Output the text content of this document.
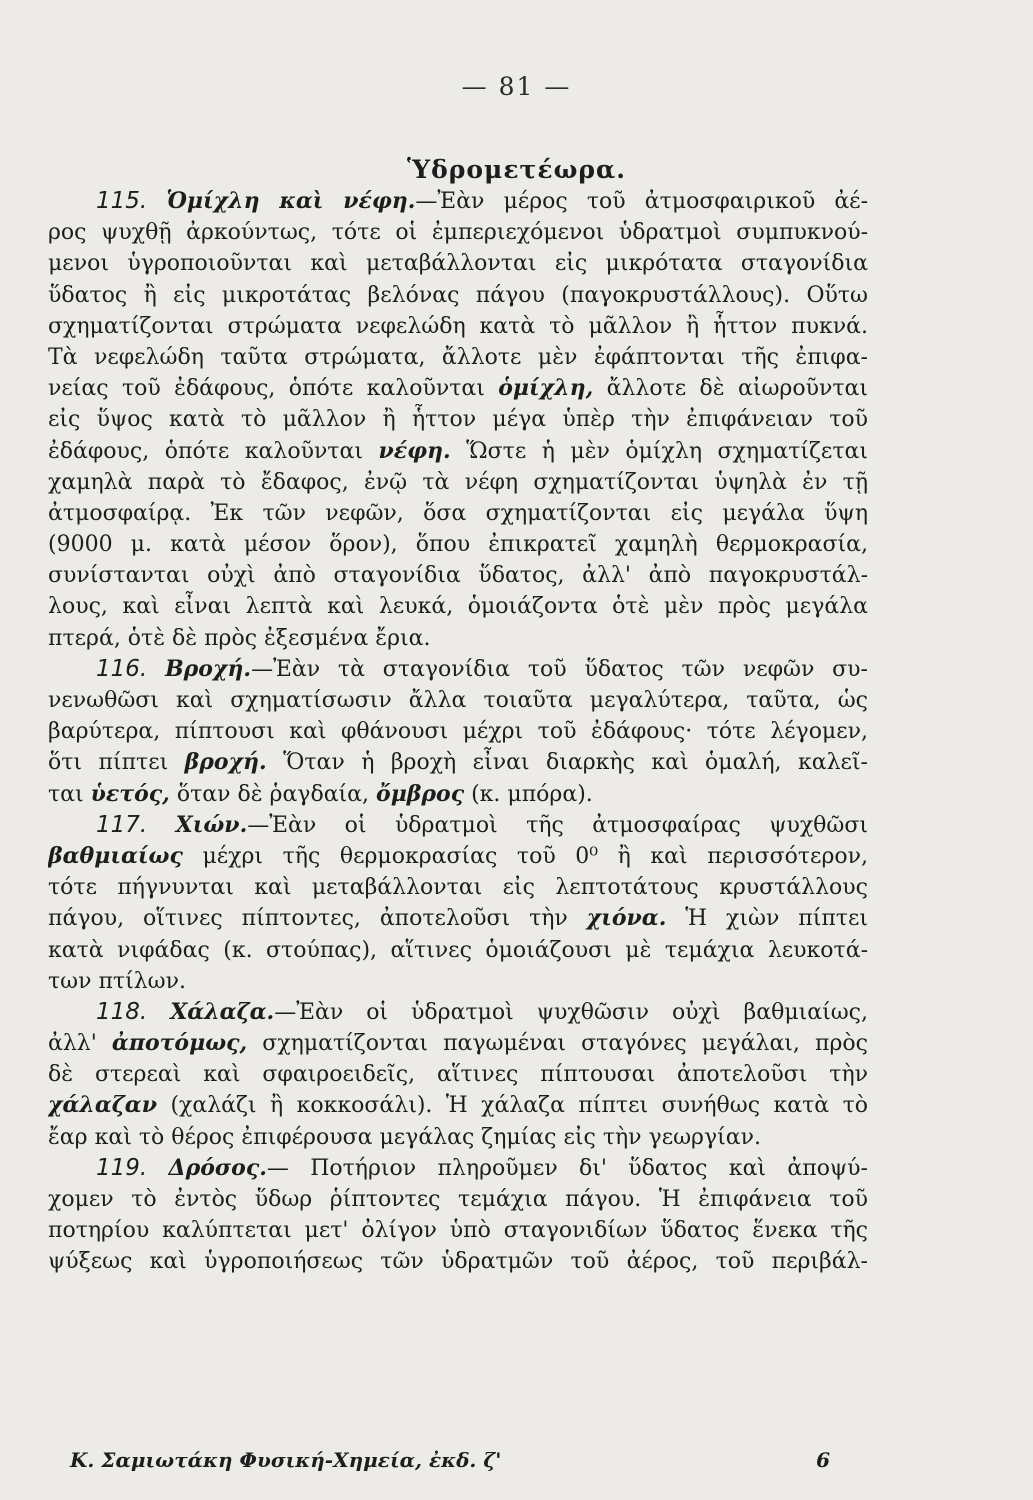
— 81 —
Ὑδρομετέωρα.
115. Ὁμίχλη καὶ νέφη.—Ἐὰν μέρος τοῦ ἀτμοσφαιρικοῦ ἀέ-
ρος ψυχθῇ ἀρκούντως, τότε οἱ ἐμπεριεχόμενοι ὑδρατμοὶ συμπυκνού-
μενοι ὑγροποιοῦνται καὶ μεταβάλλονται εἰς μικρότατα σταγονίδια
ὕδατος ἢ εἰς μικροτάτας βελόνας πάγου (παγοκρυστάλλους). Οὕτω
σχηματίζονται στρώματα νεφελώδη κατὰ τὸ μᾶλλον ἢ ἧττον πυκνά.
Τὰ νεφελώδη ταῦτα στρώματα, ἄλλοτε μὲν ἐφάπτονται τῆς ἐπιφα-
νείας τοῦ ἐδάφους, ὁπότε καλοῦνται ὁμίχλη, ἄλλοτε δὲ αἰωροῦνται
εἰς ὕψος κατὰ τὸ μᾶλλον ἢ ἧττον μέγα ὑπὲρ τὴν ἐπιφάνειαν τοῦ
ἐδάφους, ὁπότε καλοῦνται νέφη. Ὥστε ἡ μὲν ὁμίχλη σχηματίζεται
χαμηλὰ παρὰ τὸ ἔδαφος, ἐνῷ τὰ νέφη σχηματίζονται ὑψηλὰ ἐν τῇ
ἀτμοσφαίρᾳ. Ἐκ τῶν νεφῶν, ὅσα σχηματίζονται εἰς μεγάλα ὕψη
(9000 μ. κατὰ μέσον ὅρον), ὅπου ἐπικρατεῖ χαμηλὴ θερμοκρασία,
συνίστανται οὐχὶ ἀπὸ σταγονίδια ὕδατος, ἀλλ' ἀπὸ παγοκρυστάλ-
λους, καὶ εἶναι λεπτὰ καὶ λευκά, ὁμοιάζοντα ὁτὲ μὲν πρὸς μεγάλα
πτερά, ὁτὲ δὲ πρὸς ἐξεσμένα ἔρια.
116. Βροχή.—Ἐὰν τὰ σταγονίδια τοῦ ὕδατος τῶν νεφῶν συ-
νενωθῶσι καὶ σχηματίσωσιν ἄλλα τοιαῦτα μεγαλύτερα, ταῦτα, ὡς
βαρύτερα, πίπτουσι καὶ φθάνουσι μέχρι τοῦ ἐδάφους· τότε λέγομεν,
ὅτι πίπτει βροχή. Ὅταν ἡ βροχὴ εἶναι διαρκὴς καὶ ὁμαλή, καλεῖ-
ται ὑετός, ὅταν δὲ ῥαγδαία, ὄμβρος (κ. μπόρα).
117. Χιών.—Ἐὰν οἱ ὑδρατμοὶ τῆς ἀτμοσφαίρας ψυχθῶσι
βαθμιαίως μέχρι τῆς θερμοκρασίας τοῦ 0⁰ ἢ καὶ περισσότερον,
τότε πήγνυνται καὶ μεταβάλλονται εἰς λεπτοτάτους κρυστάλλους
πάγου, οἵτινες πίπτοντες, ἀποτελοῦσι τὴν χιόνα. Ἡ χιὼν πίπτει
κατὰ νιφάδας (κ. στούπας), αἵτινες ὁμοιάζουσι μὲ τεμάχια λευκοτά-
των πτίλων.
118. Χάλαζα.—Ἐὰν οἱ ὑδρατμοὶ ψυχθῶσιν οὐχὶ βαθμιαίως,
ἀλλ' ἀποτόμως, σχηματίζονται παγωμέναι σταγόνες μεγάλαι, πρὸς
δὲ στερεαὶ καὶ σφαιροειδεῖς, αἵτινες πίπτουσαι ἀποτελοῦσι τὴν
χάλαζαν (χαλάζι ἢ κοκκοσάλι). Ἡ χάλαζα πίπτει συνήθως κατὰ τὸ
ἔαρ καὶ τὸ θέρος ἐπιφέρουσα μεγάλας ζημίας εἰς τὴν γεωργίαν.
119. Δρόσος.— Ποτήριον πληροῦμεν δι' ὕδατος καὶ ἀποψύ-
χομεν τὸ ἐντὸς ὕδωρ ῥίπτοντες τεμάχια πάγου. Ἡ ἐπιφάνεια τοῦ
ποτηρίου καλύπτεται μετ' ὀλίγον ὑπὸ σταγονιδίων ὕδατος ἕνεκα τῆς
ψύξεως καὶ ὑγροποιήσεως τῶν ὑδρατμῶν τοῦ ἀέρος, τοῦ περιβάλ-
Κ. Σαμιωτάκη Φυσική-Χημεία, ἐκδ. ζ'	6
